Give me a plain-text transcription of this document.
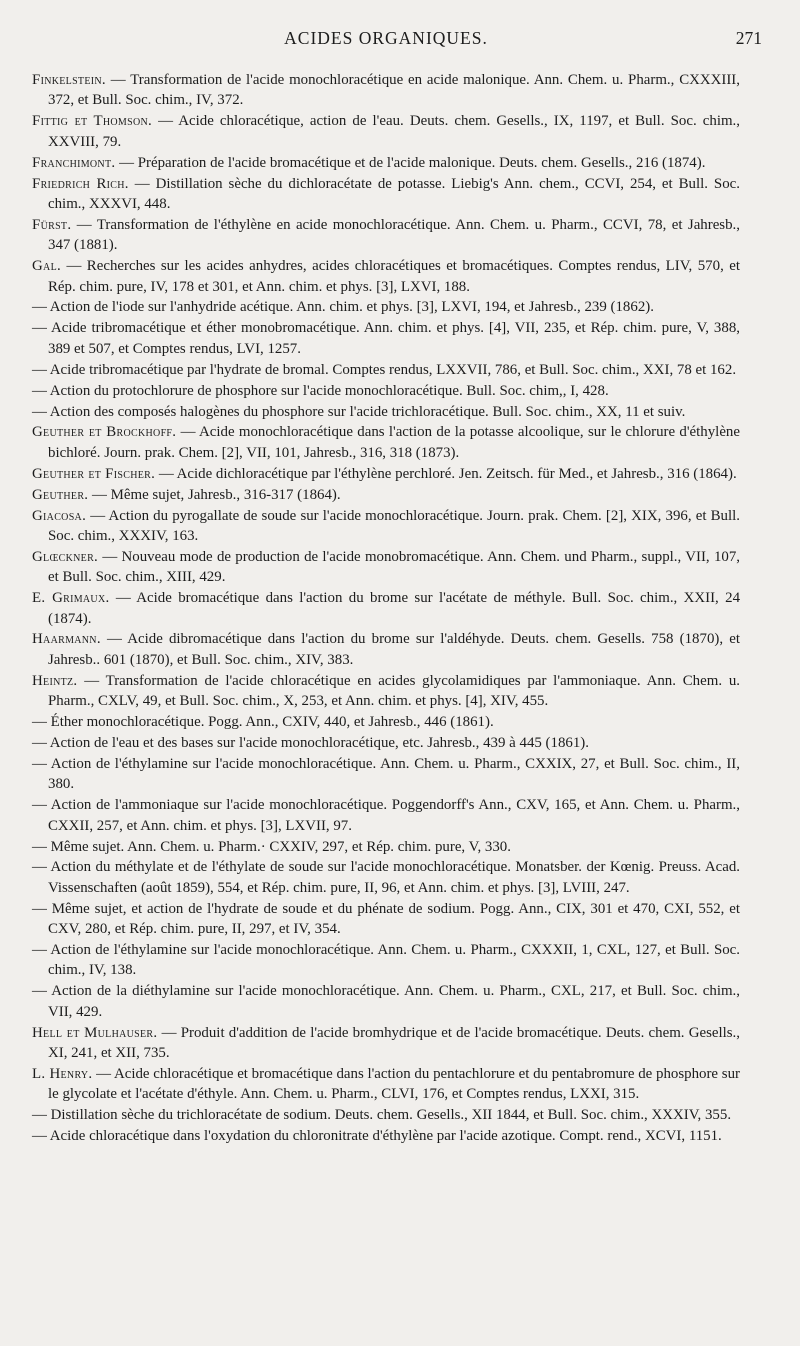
ACIDES ORGANIQUES.	271

Finkelstein. — Transformation de l'acide monochloracétique en acide malonique. Ann. Chem. u. Pharm., CXXXIII, 372, et Bull. Soc. chim., IV, 372.

Fittig et Thomson. — Acide chloracétique, action de l'eau. Deuts. chem. Gesells., IX, 1197, et Bull. Soc. chim., XXVIII, 79.

Franchimont. — Préparation de l'acide bromacétique et de l'acide malonique. Deuts. chem. Gesells., 216 (1874).

Friedrich Rich. — Distillation sèche du dichloracétate de potasse. Liebig's Ann. chem., CCVI, 254, et Bull. Soc. chim., XXXVI, 448.

Fürst. — Transformation de l'éthylène en acide monochloracétique. Ann. Chem. u. Pharm., CCVI, 78, et Jahresb., 347 (1881).

Gal. — Recherches sur les acides anhydres, acides chloracétiques et bromacétiques. Comptes rendus, LIV, 570, et Rép. chim. pure, IV, 178 et 301, et Ann. chim. et phys. [3], LXVI, 188.

— Action de l'iode sur l'anhydride acétique. Ann. chim. et phys. [3], LXVI, 194, et Jahresb., 239 (1862).

— Acide tribromacétique et éther monobromacétique. Ann. chim. et phys. [4], VII, 235, et Rép. chim. pure, V, 388, 389 et 507, et Comptes rendus, LVI, 1257.

— Acide tribromacétique par l'hydrate de bromal. Comptes rendus, LXXVII, 786, et Bull. Soc. chim., XXI, 78 et 162.

— Action du protochlorure de phosphore sur l'acide monochloracétique. Bull. Soc. chim,, I, 428.

— Action des composés halogènes du phosphore sur l'acide trichloracétique. Bull. Soc. chim., XX, 11 et suiv.

Geuther et Brockhoff. — Acide monochloracétique dans l'action de la potasse alcoolique, sur le chlorure d'éthylène bichloré. Journ. prak. Chem. [2], VII, 101, Jahresb., 316, 318 (1873).

Geuther et Fischer. — Acide dichloracétique par l'éthylène perchloré. Jen. Zeitsch. für Med., et Jahresb., 316 (1864).

Geuther. — Même sujet, Jahresb., 316-317 (1864).

Giacosa. — Action du pyrogallate de soude sur l'acide monochloracétique. Journ. prak. Chem. [2], XIX, 396, et Bull. Soc. chim., XXXIV, 163.

Glœckner. — Nouveau mode de production de l'acide monobromacétique. Ann. Chem. und Pharm., suppl., VII, 107, et Bull. Soc. chim., XIII, 429.

E. Grimaux. — Acide bromacétique dans l'action du brome sur l'acétate de méthyle. Bull. Soc. chim., XXII, 24 (1874).

Haarmann. — Acide dibromacétique dans l'action du brome sur l'aldéhyde. Deuts. chem. Gesells. 758 (1870), et Jahresb.. 601 (1870), et Bull. Soc. chim., XIV, 383.

Heintz. — Transformation de l'acide chloracétique en acides glycolamidiques par l'ammoniaque. Ann. Chem. u. Pharm., CXLV, 49, et Bull. Soc. chim., X, 253, et Ann. chim. et phys. [4], XIV, 455.

— Éther monochloracétique. Pogg. Ann., CXIV, 440, et Jahresb., 446 (1861).

— Action de l'eau et des bases sur l'acide monochloracétique, etc. Jahresb., 439 à 445 (1861).

— Action de l'éthylamine sur l'acide monochloracétique. Ann. Chem. u. Pharm., CXXIX, 27, et Bull. Soc. chim., II, 380.

— Action de l'ammoniaque sur l'acide monochloracétique. Poggendorff's Ann., CXV, 165, et Ann. Chem. u. Pharm., CXXII, 257, et Ann. chim. et phys. [3], LXVII, 97.

— Même sujet. Ann. Chem. u. Pharm.· CXXIV, 297, et Rép. chim. pure, V, 330.

— Action du méthylate et de l'éthylate de soude sur l'acide monochloracétique. Monatsber. der Kœnig. Preuss. Acad. Vissenschaften (août 1859), 554, et Rép. chim. pure, II, 96, et Ann. chim. et phys. [3], LVIII, 247.

— Même sujet, et action de l'hydrate de soude et du phénate de sodium. Pogg. Ann., CIX, 301 et 470, CXI, 552, et CXV, 280, et Rép. chim. pure, II, 297, et IV, 354.

— Action de l'éthylamine sur l'acide monochloracétique. Ann. Chem. u. Pharm., CXXXII, 1, CXL, 127, et Bull. Soc. chim., IV, 138.

— Action de la diéthylamine sur l'acide monochloracétique. Ann. Chem. u. Pharm., CXL, 217, et Bull. Soc. chim., VII, 429.

Hell et Mulhauser. — Produit d'addition de l'acide bromhydrique et de l'acide bromacétique. Deuts. chem. Gesells., XI, 241, et XII, 735.

L. Henry. — Acide chloracétique et bromacétique dans l'action du pentachlorure et du pentabromure de phosphore sur le glycolate et l'acétate d'éthyle. Ann. Chem. u. Pharm., CLVI, 176, et Comptes rendus, LXXI, 315.

— Distillation sèche du trichloracétate de sodium. Deuts. chem. Gesells., XII 1844, et Bull. Soc. chim., XXXIV, 355.

— Acide chloracétique dans l'oxydation du chloronitrate d'éthylène par l'acide azotique. Compt. rend., XCVI, 1151.
